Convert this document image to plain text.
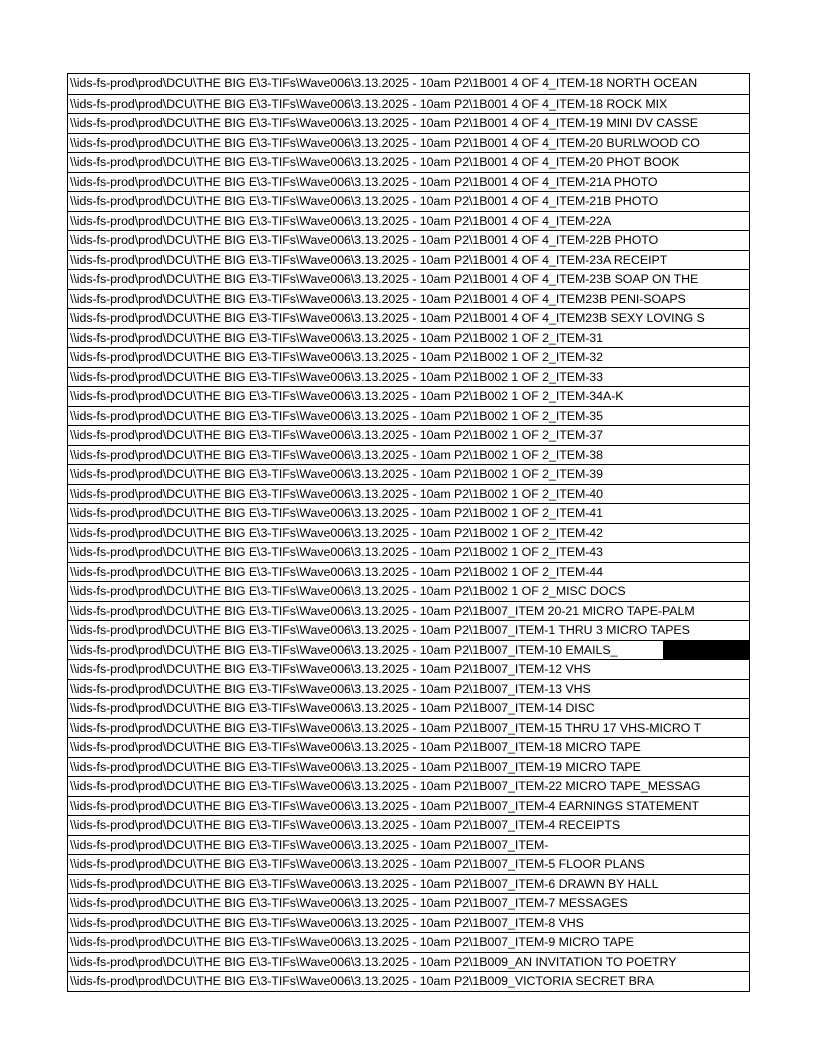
\\ids-fs-prod\prod\DCU\THE BIG E\3-TIFs\Wave006\3.13.2025 - 10am P2\1B001 4 OF 4_ITEM-18 NORTH OCEAN
\\ids-fs-prod\prod\DCU\THE BIG E\3-TIFs\Wave006\3.13.2025 - 10am P2\1B001 4 OF 4_ITEM-18 ROCK MIX
\\ids-fs-prod\prod\DCU\THE BIG E\3-TIFs\Wave006\3.13.2025 - 10am P2\1B001 4 OF 4_ITEM-19 MINI DV CASSE
\\ids-fs-prod\prod\DCU\THE BIG E\3-TIFs\Wave006\3.13.2025 - 10am P2\1B001 4 OF 4_ITEM-20 BURLWOOD CO
\\ids-fs-prod\prod\DCU\THE BIG E\3-TIFs\Wave006\3.13.2025 - 10am P2\1B001 4 OF 4_ITEM-20 PHOT BOOK
\\ids-fs-prod\prod\DCU\THE BIG E\3-TIFs\Wave006\3.13.2025 - 10am P2\1B001 4 OF 4_ITEM-21A PHOTO
\\ids-fs-prod\prod\DCU\THE BIG E\3-TIFs\Wave006\3.13.2025 - 10am P2\1B001 4 OF 4_ITEM-21B PHOTO
\\ids-fs-prod\prod\DCU\THE BIG E\3-TIFs\Wave006\3.13.2025 - 10am P2\1B001 4 OF 4_ITEM-22A
\\ids-fs-prod\prod\DCU\THE BIG E\3-TIFs\Wave006\3.13.2025 - 10am P2\1B001 4 OF 4_ITEM-22B PHOTO
\\ids-fs-prod\prod\DCU\THE BIG E\3-TIFs\Wave006\3.13.2025 - 10am P2\1B001 4 OF 4_ITEM-23A RECEIPT
\\ids-fs-prod\prod\DCU\THE BIG E\3-TIFs\Wave006\3.13.2025 - 10am P2\1B001 4 OF 4_ITEM-23B SOAP ON THE
\\ids-fs-prod\prod\DCU\THE BIG E\3-TIFs\Wave006\3.13.2025 - 10am P2\1B001 4 OF 4_ITEM23B PENI-SOAPS
\\ids-fs-prod\prod\DCU\THE BIG E\3-TIFs\Wave006\3.13.2025 - 10am P2\1B001 4 OF 4_ITEM23B SEXY LOVING S
\\ids-fs-prod\prod\DCU\THE BIG E\3-TIFs\Wave006\3.13.2025 - 10am P2\1B002 1 OF 2_ITEM-31
\\ids-fs-prod\prod\DCU\THE BIG E\3-TIFs\Wave006\3.13.2025 - 10am P2\1B002 1 OF 2_ITEM-32
\\ids-fs-prod\prod\DCU\THE BIG E\3-TIFs\Wave006\3.13.2025 - 10am P2\1B002 1 OF 2_ITEM-33
\\ids-fs-prod\prod\DCU\THE BIG E\3-TIFs\Wave006\3.13.2025 - 10am P2\1B002 1 OF 2_ITEM-34A-K
\\ids-fs-prod\prod\DCU\THE BIG E\3-TIFs\Wave006\3.13.2025 - 10am P2\1B002 1 OF 2_ITEM-35
\\ids-fs-prod\prod\DCU\THE BIG E\3-TIFs\Wave006\3.13.2025 - 10am P2\1B002 1 OF 2_ITEM-37
\\ids-fs-prod\prod\DCU\THE BIG E\3-TIFs\Wave006\3.13.2025 - 10am P2\1B002 1 OF 2_ITEM-38
\\ids-fs-prod\prod\DCU\THE BIG E\3-TIFs\Wave006\3.13.2025 - 10am P2\1B002 1 OF 2_ITEM-39
\\ids-fs-prod\prod\DCU\THE BIG E\3-TIFs\Wave006\3.13.2025 - 10am P2\1B002 1 OF 2_ITEM-40
\\ids-fs-prod\prod\DCU\THE BIG E\3-TIFs\Wave006\3.13.2025 - 10am P2\1B002 1 OF 2_ITEM-41
\\ids-fs-prod\prod\DCU\THE BIG E\3-TIFs\Wave006\3.13.2025 - 10am P2\1B002 1 OF 2_ITEM-42
\\ids-fs-prod\prod\DCU\THE BIG E\3-TIFs\Wave006\3.13.2025 - 10am P2\1B002 1 OF 2_ITEM-43
\\ids-fs-prod\prod\DCU\THE BIG E\3-TIFs\Wave006\3.13.2025 - 10am P2\1B002 1 OF 2_ITEM-44
\\ids-fs-prod\prod\DCU\THE BIG E\3-TIFs\Wave006\3.13.2025 - 10am P2\1B002 1 OF 2_MISC DOCS
\\ids-fs-prod\prod\DCU\THE BIG E\3-TIFs\Wave006\3.13.2025 - 10am P2\1B007_ITEM 20-21 MICRO TAPE-PALM
\\ids-fs-prod\prod\DCU\THE BIG E\3-TIFs\Wave006\3.13.2025 - 10am P2\1B007_ITEM-1 THRU 3 MICRO TAPES
\\ids-fs-prod\prod\DCU\THE BIG E\3-TIFs\Wave006\3.13.2025 - 10am P2\1B007_ITEM-10 EMAILS_
\\ids-fs-prod\prod\DCU\THE BIG E\3-TIFs\Wave006\3.13.2025 - 10am P2\1B007_ITEM-12 VHS
\\ids-fs-prod\prod\DCU\THE BIG E\3-TIFs\Wave006\3.13.2025 - 10am P2\1B007_ITEM-13 VHS
\\ids-fs-prod\prod\DCU\THE BIG E\3-TIFs\Wave006\3.13.2025 - 10am P2\1B007_ITEM-14 DISC
\\ids-fs-prod\prod\DCU\THE BIG E\3-TIFs\Wave006\3.13.2025 - 10am P2\1B007_ITEM-15 THRU 17 VHS-MICRO T
\\ids-fs-prod\prod\DCU\THE BIG E\3-TIFs\Wave006\3.13.2025 - 10am P2\1B007_ITEM-18 MICRO TAPE
\\ids-fs-prod\prod\DCU\THE BIG E\3-TIFs\Wave006\3.13.2025 - 10am P2\1B007_ITEM-19 MICRO TAPE
\\ids-fs-prod\prod\DCU\THE BIG E\3-TIFs\Wave006\3.13.2025 - 10am P2\1B007_ITEM-22 MICRO TAPE_MESSAG
\\ids-fs-prod\prod\DCU\THE BIG E\3-TIFs\Wave006\3.13.2025 - 10am P2\1B007_ITEM-4 EARNINGS STATEMENT
\\ids-fs-prod\prod\DCU\THE BIG E\3-TIFs\Wave006\3.13.2025 - 10am P2\1B007_ITEM-4 RECEIPTS
\\ids-fs-prod\prod\DCU\THE BIG E\3-TIFs\Wave006\3.13.2025 - 10am P2\1B007_ITEM-
\\ids-fs-prod\prod\DCU\THE BIG E\3-TIFs\Wave006\3.13.2025 - 10am P2\1B007_ITEM-5 FLOOR PLANS
\\ids-fs-prod\prod\DCU\THE BIG E\3-TIFs\Wave006\3.13.2025 - 10am P2\1B007_ITEM-6 DRAWN BY HALL
\\ids-fs-prod\prod\DCU\THE BIG E\3-TIFs\Wave006\3.13.2025 - 10am P2\1B007_ITEM-7 MESSAGES
\\ids-fs-prod\prod\DCU\THE BIG E\3-TIFs\Wave006\3.13.2025 - 10am P2\1B007_ITEM-8 VHS
\\ids-fs-prod\prod\DCU\THE BIG E\3-TIFs\Wave006\3.13.2025 - 10am P2\1B007_ITEM-9 MICRO TAPE
\\ids-fs-prod\prod\DCU\THE BIG E\3-TIFs\Wave006\3.13.2025 - 10am P2\1B009_AN INVITATION TO POETRY
\\ids-fs-prod\prod\DCU\THE BIG E\3-TIFs\Wave006\3.13.2025 - 10am P2\1B009_VICTORIA SECRET BRA
